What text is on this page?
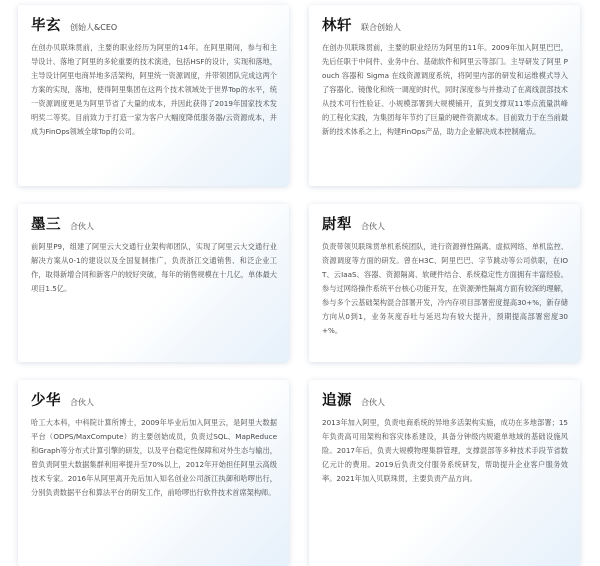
毕玄 创始人&CEO

在创办贝联珠贯前，主要的职业经历为阿里的14年。在阿里期间，参与和主导设计、落地了阿里的多轮重要的技术演进，包括HSF的设计，实现和落地，主导设计阿里电商异地多活架构，阿里统一资源调度，并带领团队完成这两个方案的实现，落地，使得阿里集团在这两个技术领域处于世界Top的水平，统一资源调度更是为阿里节省了大量的成本，并因此获得了2019年国家技术发明奖二等奖。目前致力于打造一家为客户大幅度降低服务器/云资源成本，并成为FinOps领域全球Top的公司。

林轩 联合创始人

在创办贝联珠贯前，主要的职业经历为阿里的11年。2009年加入阿里巴巴，先后任职于中间件、业务中台、基础软件和阿里云等部门。主导研发了阿里 Pouch 容器和 Sigma 在线资源调度系统，将阿里内部的研发和运维模式导入了容器化、镜像化和统一调度的时代，同时深度参与并推动了在离线混部技术从技术可行性验证、小规模部署到大规模铺开，直到支撑双11零点流量洪峰的工程化实践，为集团每年节约了巨量的硬件资源成本。目前致力于在当前最新的技术体系之上，构建FinOps产品，助力企业解决成本控制痛点。

墨三 合伙人

前阿里P9，组建了阿里云大交通行业架构师团队，实现了阿里云大交通行业解决方案从0-1的建设以及全国复制推广，负责浙江交通销售、和泛企业工作，取得新增合同和新客户的较好突破，每年的销售规模在十几亿，单体最大项目1.5亿。

尉犁 合伙人

负责带领贝联珠贯单机系统团队，进行资源弹性隔离、虚拟网络、单机监控、资源调度等方面的研发。曾在H3C、阿里巴巴、字节跳动等公司供职，在IOT、云IaaS、容器、资源隔离、软硬件结合、系统稳定性方面拥有丰富经验。参与过网络操作系统平台核心功能开发，在资源弹性隔离方面有较深的理解，参与多个云基础架构混合部署开发，冷内存项目部署密度提高30+%，新存储方向从0到1，业务灰度吞吐与延迟均有较大提升，预期提高部署密度30+%。

少华 合伙人

哈工大本科，中科院计算所博士，2009年毕业后加入阿里云，是阿里大数据平台（ODPS/MaxCompute）的主要创始成员，负责过SQL、MapReduce和Graph等分布式计算引擎的研发，以及平台稳定性保障和对外生态与输出，曾负责阿里大数据集群利用率提升至70%以上，2012年开始担任阿里云高级技术专家。2016年从阿里离开先后加入知名创业公司浙江执御和哈啰出行，分别负责数据平台和算法平台的研发工作，前哈啰出行软件技术首席架构师。

追源 合伙人

2013年加入阿里，负责电商系统的异地多活架构实施，成功在多地部署；15年负责高可用架构和容灾体系建设，具备分钟级内规避单地域的基础设施风险。2017年后，负责大规模物理集群管理，支撑混部等多种技术手段节省数亿元计的费用。2019后负责交付服务系统研发，帮助提升企业客户服务效率。2021年加入贝联珠贯，主要负责产品方向。
